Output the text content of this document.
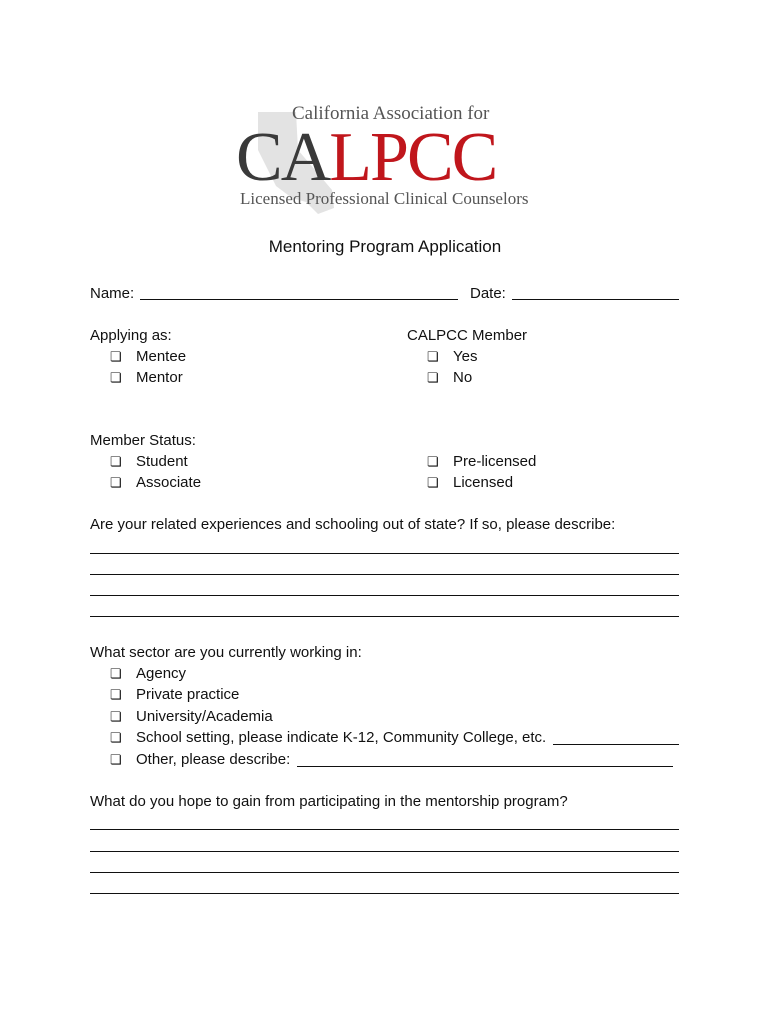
California Association for
CALPCC
Licensed Professional Clinical Counselors
Mentoring Program Application
Name:	Date:
Applying as:
❏ Mentee
❏ Mentor
CALPCC Member
❏ Yes
❏ No
Member Status:
❏ Student
❏ Associate
❏ Pre-licensed
❏ Licensed
Are your related experiences and schooling out of state? If so, please describe:
What sector are you currently working in:
❏ Agency
❏ Private practice
❏ University/Academia
❏ School setting, please indicate K-12, Community College, etc.
❏ Other, please describe:
What do you hope to gain from participating in the mentorship program?
